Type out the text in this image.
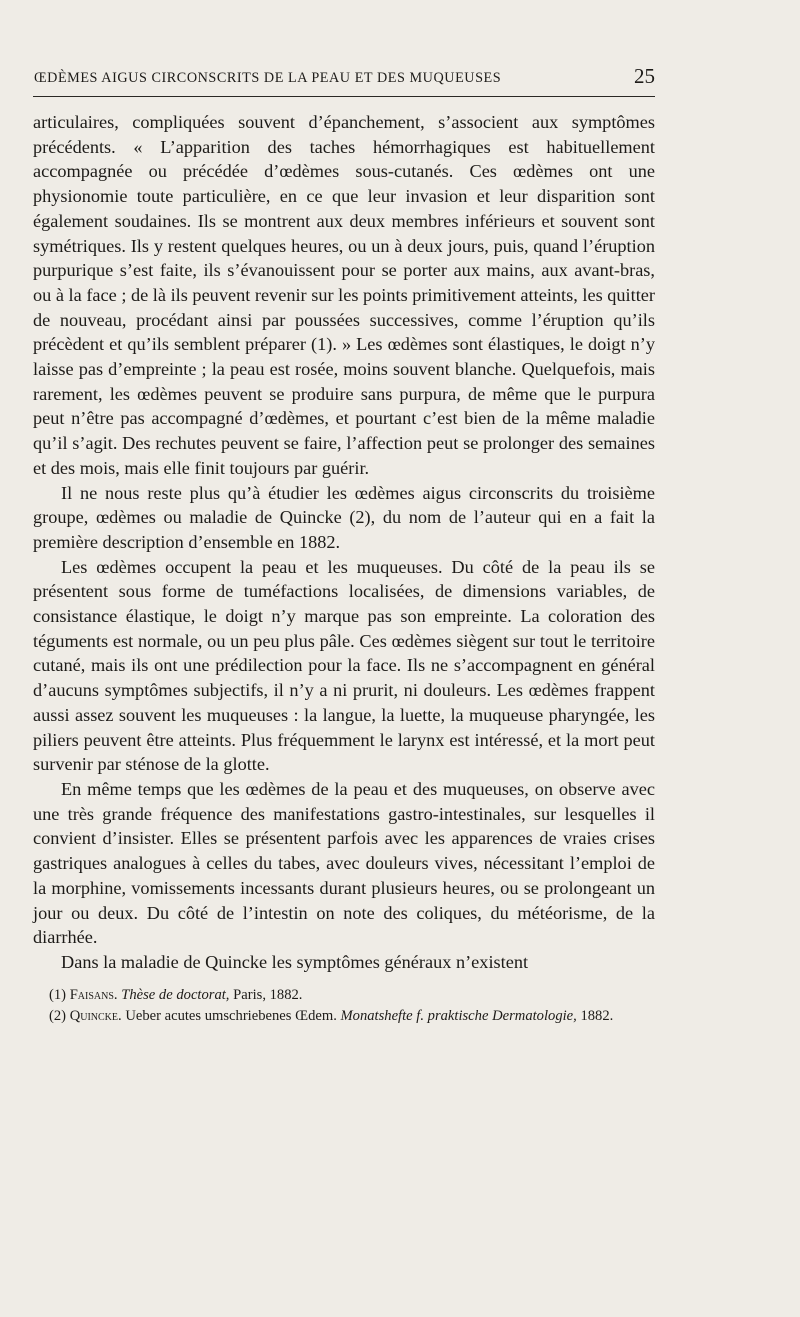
ŒDÈMES AIGUS CIRCONSCRITS DE LA PEAU ET DES MUQUEUSES	25

articulaires, compliquées souvent d’épanchement, s’associent aux symptômes précédents. « L’apparition des taches hémorrhagiques est habituellement accompagnée ou précédée d’œdèmes sous-cutanés. Ces œdèmes ont une physionomie toute particulière, en ce que leur invasion et leur disparition sont également soudaines. Ils se montrent aux deux membres inférieurs et souvent sont symétriques. Ils y restent quelques heures, ou un à deux jours, puis, quand l’éruption purpurique s’est faite, ils s’évanouissent pour se porter aux mains, aux avant-bras, ou à la face ; de là ils peuvent revenir sur les points primitivement atteints, les quitter de nouveau, procédant ainsi par poussées successives, comme l’éruption qu’ils précèdent et qu’ils semblent préparer (1). » Les œdèmes sont élastiques, le doigt n’y laisse pas d’empreinte ; la peau est rosée, moins souvent blanche. Quelquefois, mais rarement, les œdèmes peuvent se produire sans purpura, de même que le purpura peut n’être pas accompagné d’œdèmes, et pourtant c’est bien de la même maladie qu’il s’agit. Des rechutes peuvent se faire, l’affection peut se prolonger des semaines et des mois, mais elle finit toujours par guérir.

Il ne nous reste plus qu’à étudier les œdèmes aigus circonscrits du troisième groupe, œdèmes ou maladie de Quincke (2), du nom de l’auteur qui en a fait la première description d’ensemble en 1882.

Les œdèmes occupent la peau et les muqueuses. Du côté de la peau ils se présentent sous forme de tuméfactions localisées, de dimensions variables, de consistance élastique, le doigt n’y marque pas son empreinte. La coloration des téguments est normale, ou un peu plus pâle. Ces œdèmes siègent sur tout le territoire cutané, mais ils ont une prédilection pour la face. Ils ne s’accompagnent en général d’aucuns symptômes subjectifs, il n’y a ni prurit, ni douleurs. Les œdèmes frappent aussi assez souvent les muqueuses : la langue, la luette, la muqueuse pharyngée, les piliers peuvent être atteints. Plus fréquemment le larynx est intéressé, et la mort peut survenir par sténose de la glotte.

En même temps que les œdèmes de la peau et des muqueuses, on observe avec une très grande fréquence des manifestations gastro-intestinales, sur lesquelles il convient d’insister. Elles se présentent parfois avec les apparences de vraies crises gastriques analogues à celles du tabes, avec douleurs vives, nécessitant l’emploi de la morphine, vomissements incessants durant plusieurs heures, ou se prolongeant un jour ou deux. Du côté de l’intestin on note des coliques, du météorisme, de la diarrhée.

Dans la maladie de Quincke les symptômes généraux n’existent

(1) Faisans. Thèse de doctorat, Paris, 1882.

(2) Quincke. Ueber acutes umschriebenes Œdem. Monatshefte f. praktische Dermatologie, 1882.
